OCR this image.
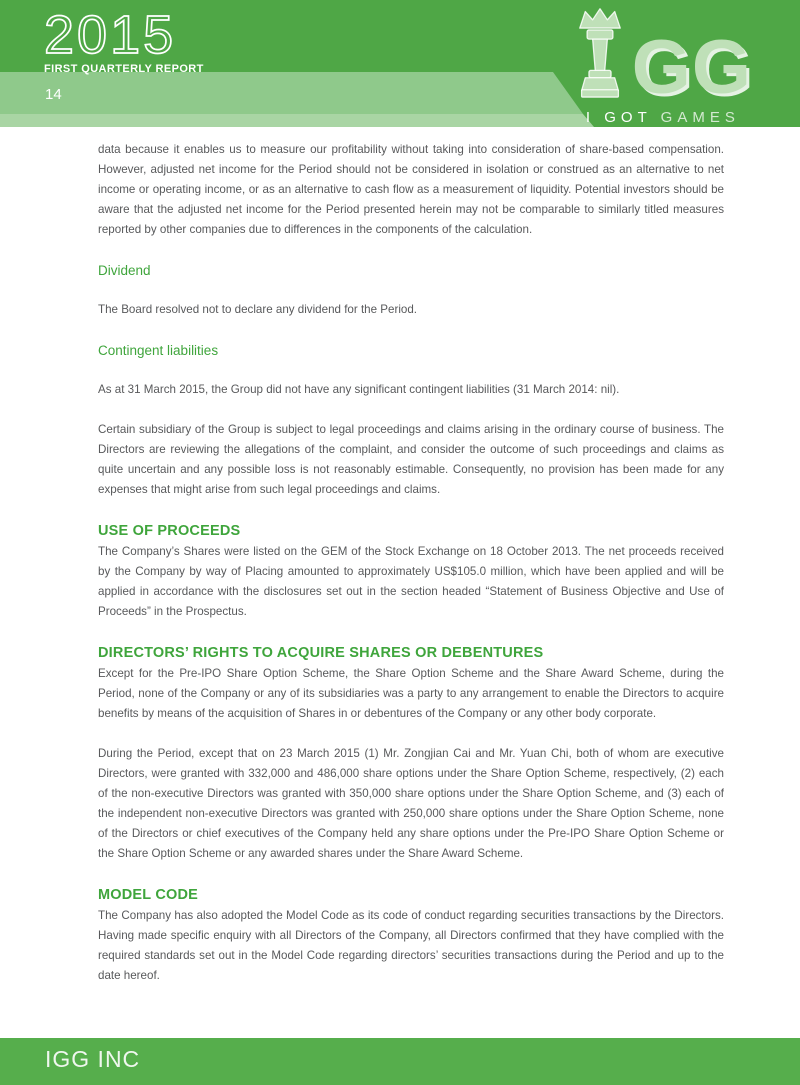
2015
FIRST QUARTERLY REPORT
14	GG
I GOT GAMES

data because it enables us to measure our profitability without taking into consideration of share-based compensation. However, adjusted net income for the Period should not be considered in isolation or construed as an alternative to net income or operating income, or as an alternative to cash flow as a measurement of liquidity. Potential investors should be aware that the adjusted net income for the Period presented herein may not be comparable to similarly titled measures reported by other companies due to differences in the components of the calculation.

Dividend

The Board resolved not to declare any dividend for the Period.

Contingent liabilities

As at 31 March 2015, the Group did not have any significant contingent liabilities (31 March 2014: nil).

Certain subsidiary of the Group is subject to legal proceedings and claims arising in the ordinary course of business. The Directors are reviewing the allegations of the complaint, and consider the outcome of such proceedings and claims as quite uncertain and any possible loss is not reasonably estimable. Consequently, no provision has been made for any expenses that might arise from such legal proceedings and claims.

USE OF PROCEEDS

The Company’s Shares were listed on the GEM of the Stock Exchange on 18 October 2013. The net proceeds received by the Company by way of Placing amounted to approximately US$105.0 million, which have been applied and will be applied in accordance with the disclosures set out in the section headed “Statement of Business Objective and Use of Proceeds” in the Prospectus.

DIRECTORS’ RIGHTS TO ACQUIRE SHARES OR DEBENTURES

Except for the Pre-IPO Share Option Scheme, the Share Option Scheme and the Share Award Scheme, during the Period, none of the Company or any of its subsidiaries was a party to any arrangement to enable the Directors to acquire benefits by means of the acquisition of Shares in or debentures of the Company or any other body corporate.

During the Period, except that on 23 March 2015 (1) Mr. Zongjian Cai and Mr. Yuan Chi, both of whom are executive Directors, were granted with 332,000 and 486,000 share options under the Share Option Scheme, respectively, (2) each of the non-executive Directors was granted with 350,000 share options under the Share Option Scheme, and (3) each of the independent non-executive Directors was granted with 250,000 share options under the Share Option Scheme, none of the Directors or chief executives of the Company held any share options under the Pre-IPO Share Option Scheme or the Share Option Scheme or any awarded shares under the Share Award Scheme.

MODEL CODE

The Company has also adopted the Model Code as its code of conduct regarding securities transactions by the Directors. Having made specific enquiry with all Directors of the Company, all Directors confirmed that they have complied with the required standards set out in the Model Code regarding directors’ securities transactions during the Period and up to the date hereof.

IGG INC
